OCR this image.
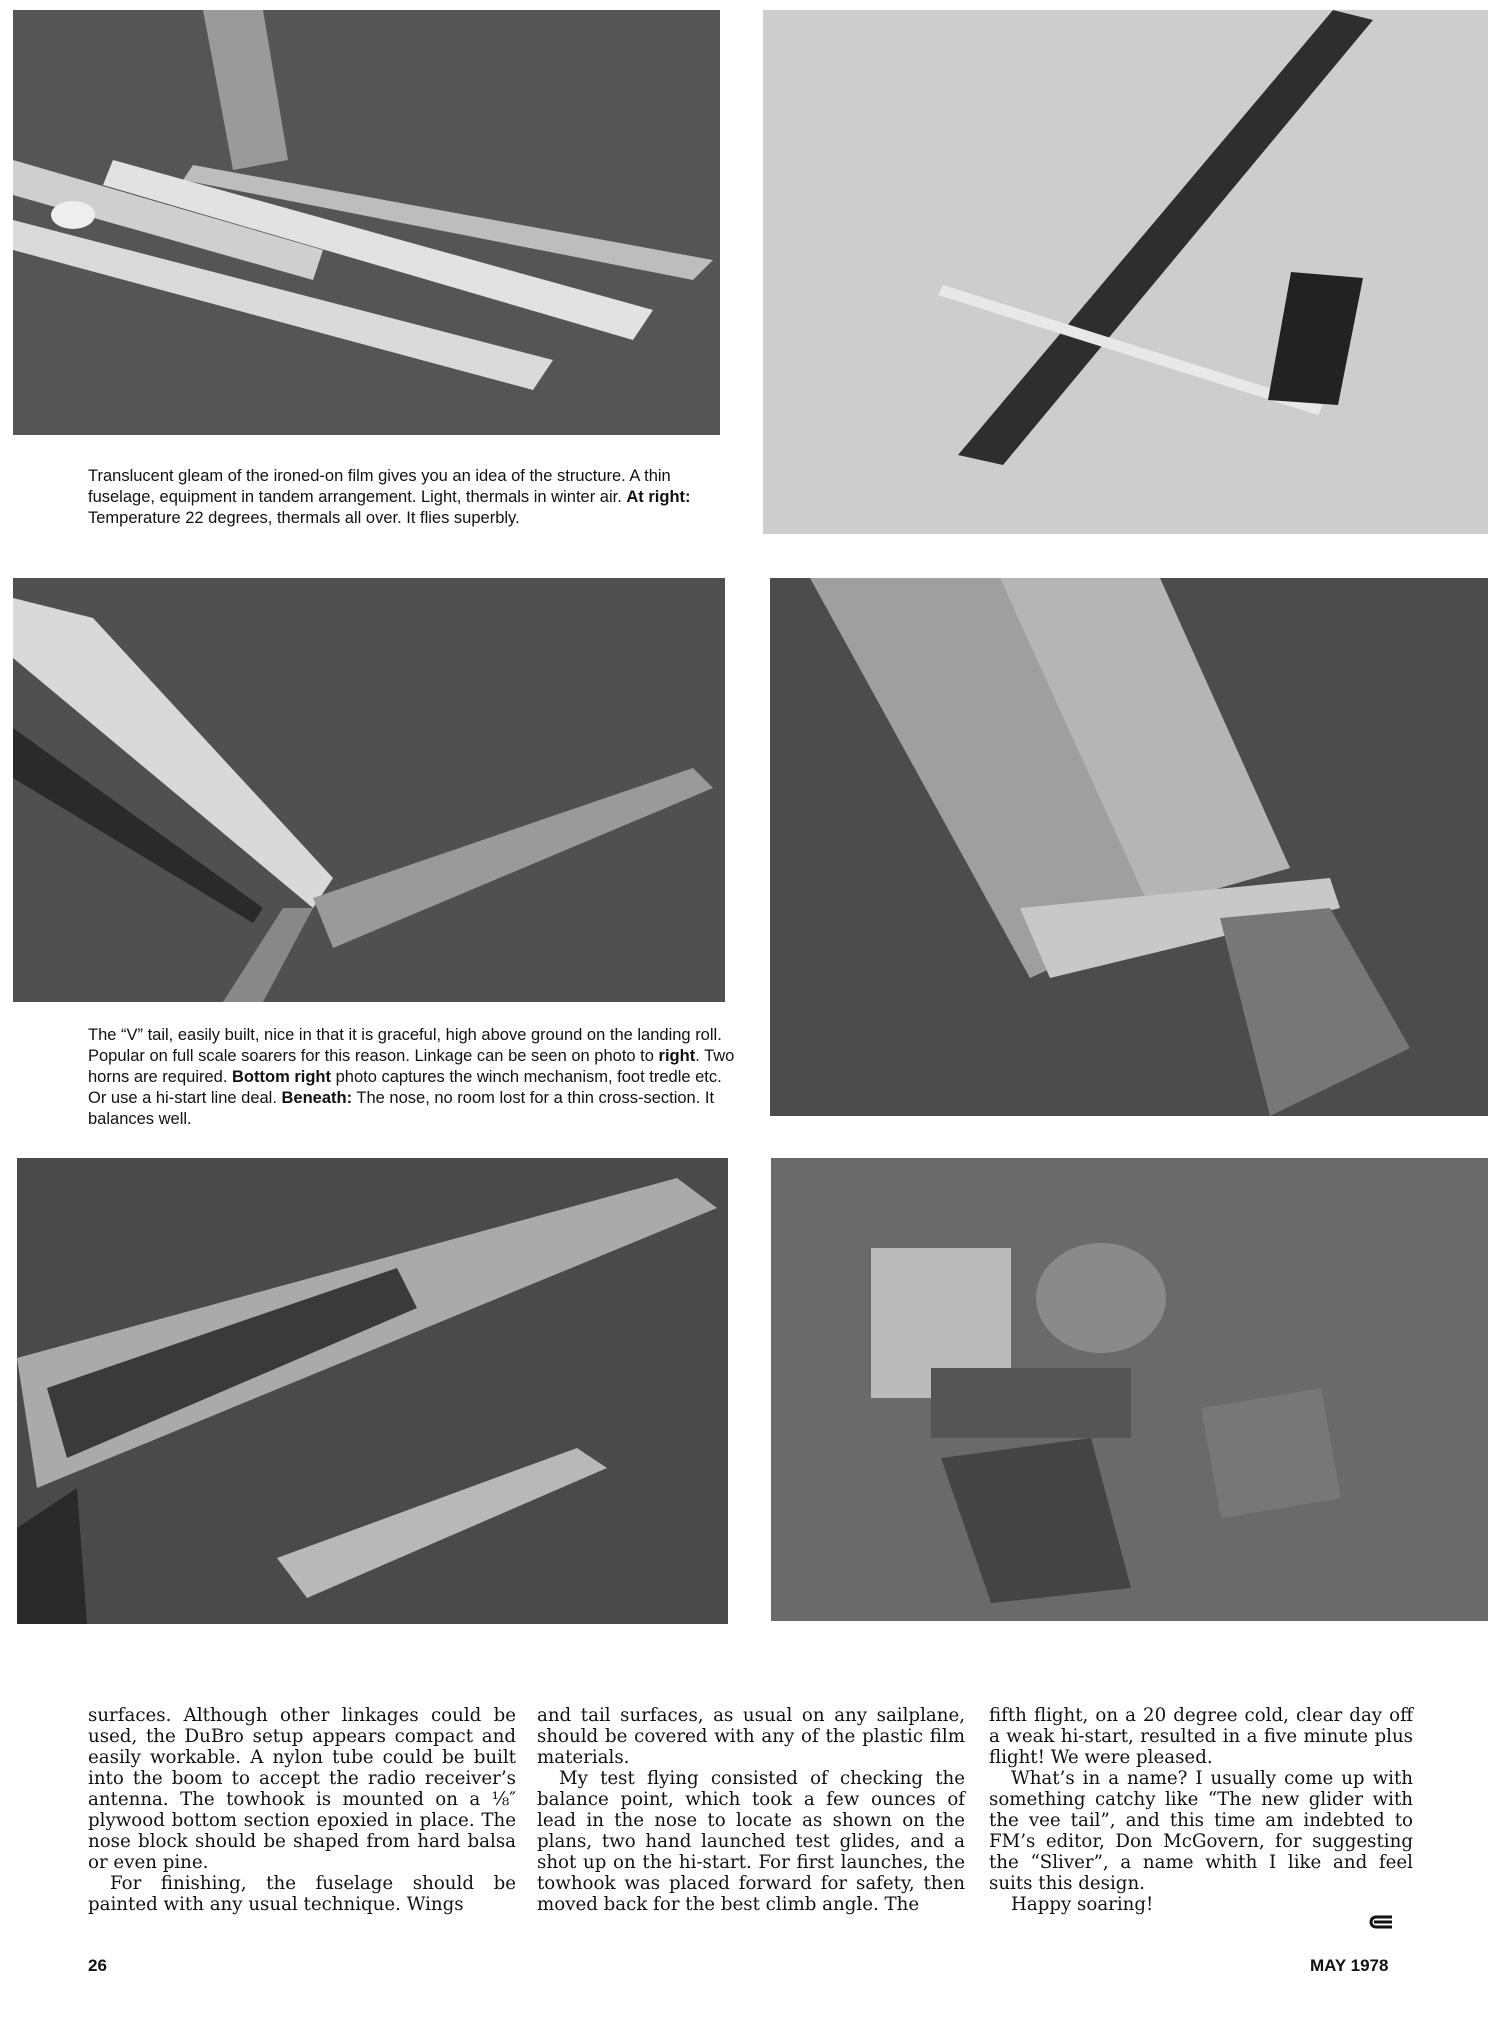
Translucent gleam of the ironed-on film gives you an idea of the structure. A thin fuselage, equipment in tandem arrangement. Light, thermals in winter air. At right: Temperature 22 degrees, thermals all over. It flies superbly.

The “V” tail, easily built, nice in that it is graceful, high above ground on the landing roll. Popular on full scale soarers for this reason. Linkage can be seen on photo to right. Two horns are required. Bottom right photo captures the winch mechanism, foot tredle etc. Or use a hi-start line deal. Beneath: The nose, no room lost for a thin cross-section. It balances well.

surfaces. Although other linkages could be used, the DuBro setup appears compact and easily workable. A nylon tube could be built into the boom to accept the radio receiver’s antenna. The towhook is mounted on a ⅛″ plywood bottom section epoxied in place. The nose block should be shaped from hard balsa or even pine.

For finishing, the fuselage should be painted with any usual technique. Wings

and tail surfaces, as usual on any sailplane, should be covered with any of the plastic film materials.

My test flying consisted of checking the balance point, which took a few ounces of lead in the nose to locate as shown on the plans, two hand launched test glides, and a shot up on the hi-start. For first launches, the towhook was placed forward for safety, then moved back for the best climb angle. The

fifth flight, on a 20 degree cold, clear day off a weak hi-start, resulted in a five minute plus flight! We were pleased.

What’s in a name? I usually come up with something catchy like “The new glider with the vee tail”, and this time am indebted to FM’s editor, Don McGovern, for suggesting the “Sliver”, a name whith I like and feel suits this design.

Happy soaring!

26	MAY 1978
